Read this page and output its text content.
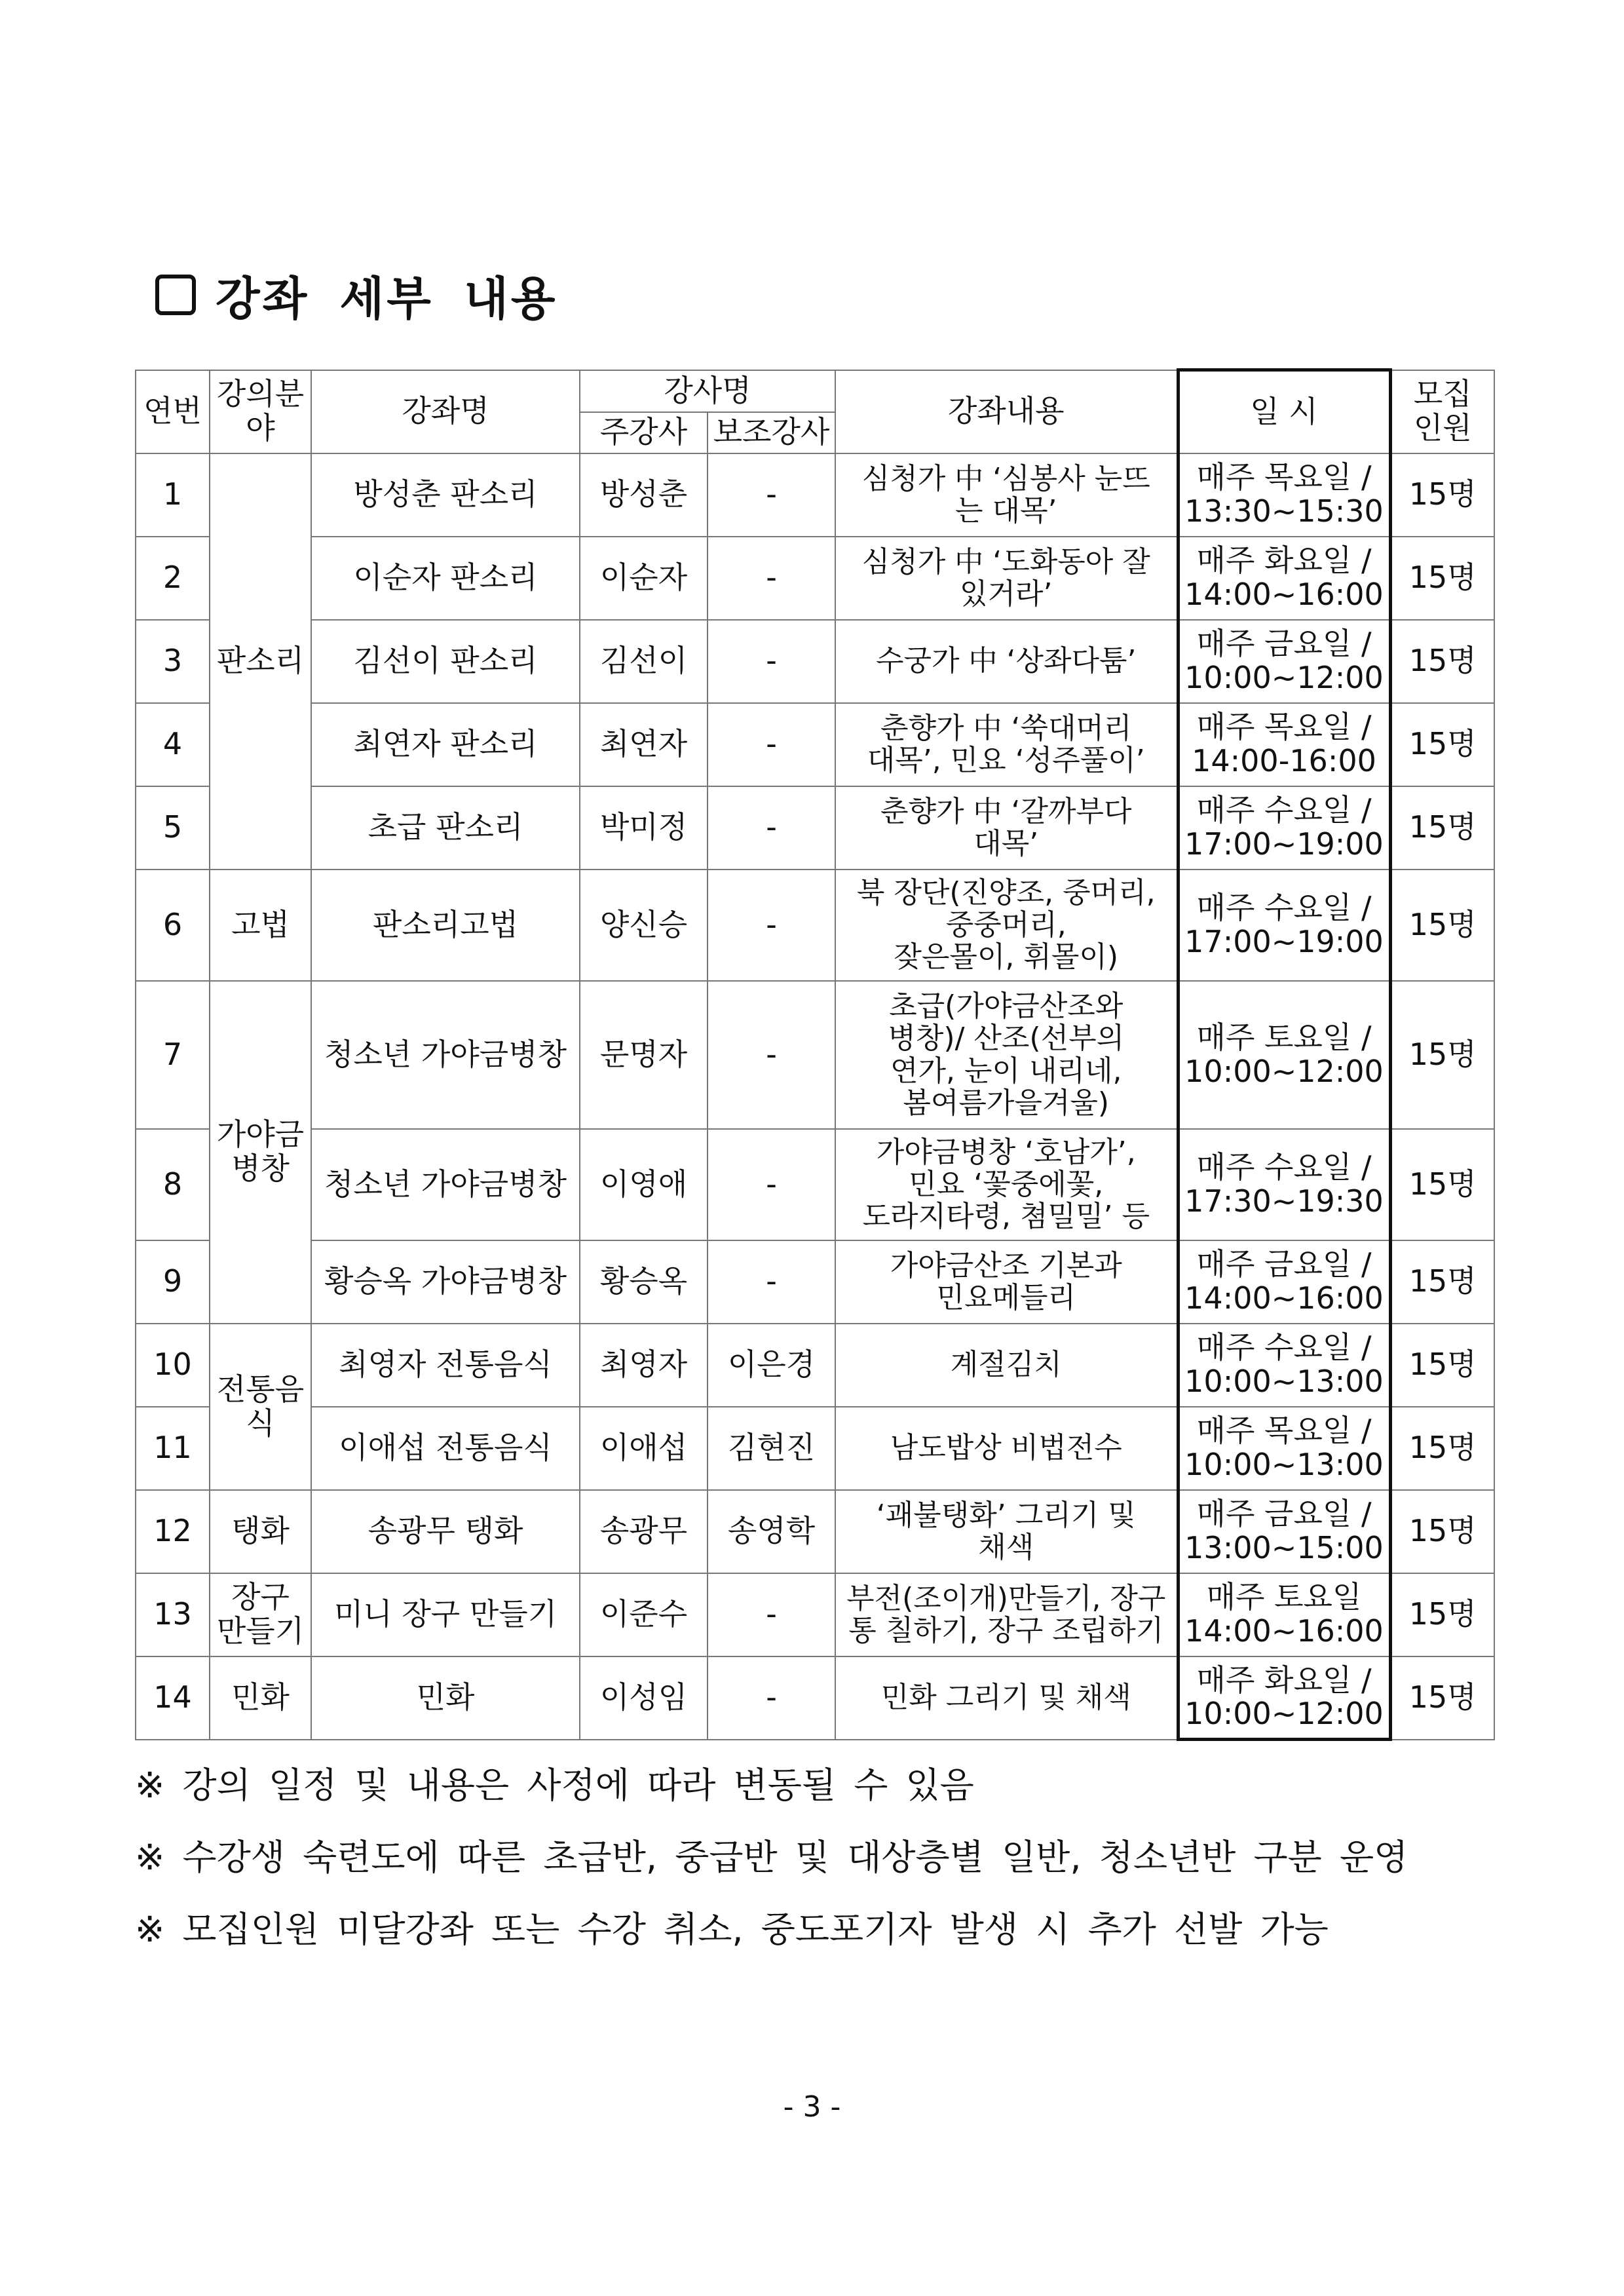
강좌 세부 내용
연번	강의분야	강좌명	강사명		강좌내용	일 시	모집
인원
			주강사	보조강사			
1	판소리	방성춘 판소리	방성춘	-	심청가 中 ‘심봉사 눈뜨
는 대목’	매주 목요일 /
13:30~15:30	15명
2		이순자 판소리	이순자	-	심청가 中 ‘도화동아 잘
있거라’	매주 화요일 /
14:00~16:00	15명
3		김선이 판소리	김선이	-	수궁가 中 ‘상좌다툼’	매주 금요일 /
10:00~12:00	15명
4		최연자 판소리	최연자	-	춘향가 中 ‘쑥대머리
대목’, 민요 ‘성주풀이’	매주 목요일 /
14:00-16:00	15명
5		초급 판소리	박미정	-	춘향가 中 ‘갈까부다
대목’	매주 수요일 /
17:00~19:00	15명
6	고법	판소리고법	양신승	-	북 장단(진양조, 중머리,
중중머리,
잦은몰이, 휘몰이)	매주 수요일 /
17:00~19:00	15명
7	가야금
병창	청소년 가야금병창	문명자	-	초급(가야금산조와
병창)/ 산조(선부의
연가, 눈이 내리네,
봄여름가을겨울)	매주 토요일 /
10:00~12:00	15명
8		청소년 가야금병창	이영애	-	가야금병창 ‘호남가’,
민요 ‘꽃중에꽃,
도라지타령, 쳠밀밀’ 등	매주 수요일 /
17:30~19:30	15명
9		황승옥 가야금병창	황승옥	-	가야금산조 기본과
민요메들리	매주 금요일 /
14:00~16:00	15명
10	전통음식	최영자 전통음식	최영자	이은경	계절김치	매주 수요일 /
10:00~13:00	15명
11		이애섭 전통음식	이애섭	김현진	남도밥상 비법전수	매주 목요일 /
10:00~13:00	15명
12	탱화	송광무 탱화	송광무	송영학	‘괘불탱화’ 그리기 및
채색	매주 금요일 /
13:00~15:00	15명
13	장구
만들기	미니 장구 만들기	이준수	-	부전(조이개)만들기, 장구
통 칠하기, 장구 조립하기	매주 토요일
14:00~16:00	15명
14	민화	민화	이성임	-	민화 그리기 및 채색	매주 화요일 /
10:00~12:00	15명
※ 강의 일정 및 내용은 사정에 따라 변동될 수 있음
※ 수강생 숙련도에 따른 초급반, 중급반 및 대상층별 일반, 청소년반 구분 운영
※ 모집인원 미달강좌 또는 수강 취소, 중도포기자 발생 시 추가 선발 가능
- 3 -
